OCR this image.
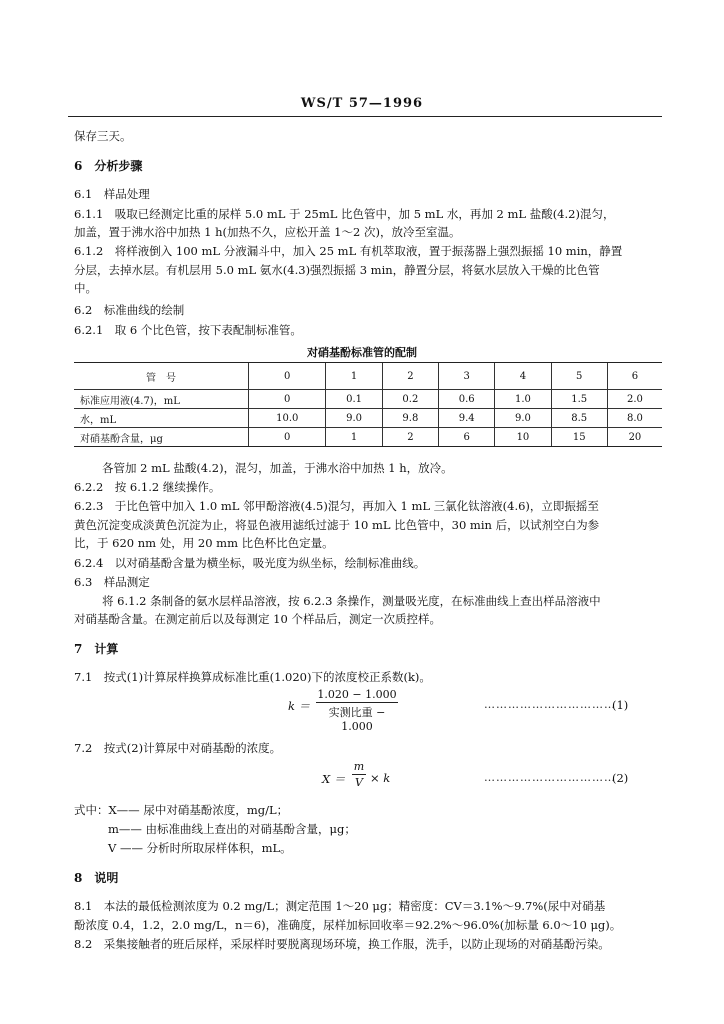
WS/T 57—1996
保存三天。
6　分析步骤
6.1　样品处理
6.1.1　吸取已经测定比重的尿样 5.0 mL 于 25mL 比色管中，加 5 mL 水，再加 2 mL 盐酸(4.2)混匀，
加盖，置于沸水浴中加热 1 h(加热不久，应松开盖 1～2 次)，放冷至室温。
6.1.2　将样液倒入 100 mL 分液漏斗中，加入 25 mL 有机萃取液，置于振荡器上强烈振摇 10 min，静置
分层，去掉水层。有机层用 5.0 mL 氨水(4.3)强烈振摇 3 min，静置分层，将氨水层放入干燥的比色管
中。
6.2　标准曲线的绘制
6.2.1　取 6 个比色管，按下表配制标准管。
对硝基酚标准管的配制
管　号	0	1	2	3	4	5	6
标准应用液(4.7)，mL	0	0.1	0.2	0.6	1.0	1.5	2.0
水，mL	10.0	9.0	9.8	9.4	9.0	8.5	8.0
对硝基酚含量，μg	0	1	2	6	10	15	20
各管加 2 mL 盐酸(4.2)，混匀，加盖，于沸水浴中加热 1 h，放冷。
6.2.2　按 6.1.2 继续操作。
6.2.3　于比色管中加入 1.0 mL 邻甲酚溶液(4.5)混匀，再加入 1 mL 三氯化钛溶液(4.6)，立即振摇至
黄色沉淀变成淡黄色沉淀为止，将显色液用滤纸过滤于 10 mL 比色管中，30 min 后，以试剂空白为参
比，于 620 nm 处，用 20 mm 比色杯比色定量。
6.2.4　以对硝基酚含量为横坐标，吸光度为纵坐标，绘制标准曲线。
6.3　样品测定
将 6.1.2 条制备的氨水层样品溶液，按 6.2.3 条操作，测量吸光度，在标准曲线上查出样品溶液中
对硝基酚含量。在测定前后以及每测定 10 个样品后，测定一次质控样。
7　计算
7.1　按式(1)计算尿样换算成标准比重(1.020)下的浓度校正系数(k)。
k ＝
1.020 − 1.000
实测比重 − 1.000
……………………………
(1)
7.2　按式(2)计算尿中对硝基酚的浓度。
X ＝
m
V × k	……………………………
(2)
式中：X—— 尿中对硝基酚浓度，mg/L；
m—— 由标准曲线上查出的对硝基酚含量，μg；
V —— 分析时所取尿样体积，mL。
8　说明
8.1　本法的最低检测浓度为 0.2 mg/L；测定范围 1～20 μg；精密度：CV＝3.1%～9.7%(尿中对硝基
酚浓度 0.4，1.2，2.0 mg/L，n＝6)，准确度，尿样加标回收率＝92.2%～96.0%(加标量 6.0～10 μg)。
8.2　采集接触者的班后尿样，采尿样时要脱离现场环境，换工作服，洗手，以防止现场的对硝基酚污染。
